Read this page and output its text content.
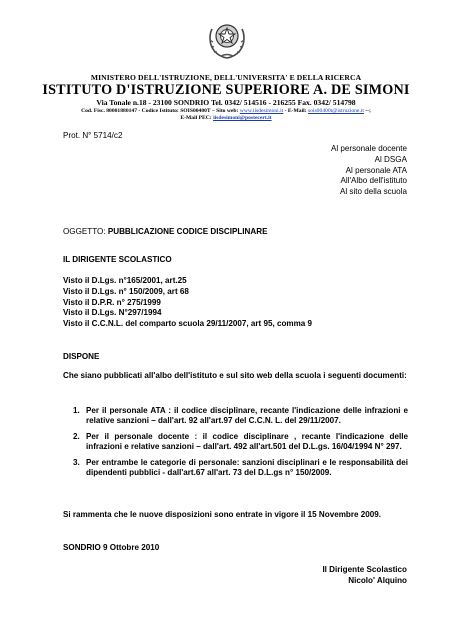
MINISTERO DELL'ISTRUZIONE, DELL'UNIVERSITA' E DELLA RICERCA
ISTITUTO D'ISTRUZIONE SUPERIORE A. DE SIMONI
Via Tonale n.18 - 23100 SONDRIO Tel. 0342/ 514516 - 216255 Fax. 0342/ 514798
Cod. Fisc. 80001880147 - Codice Istituto: SOIS00400T – Sito web: www.iisdesimoni.it - E-Mail: sois00400t@istruzione.it --;
E-Mail PEC: iisdesimoni@postecert.it
Prot. N° 5714/c2
Al personale docente
Al DSGA
Al personale ATA
All'Albo dell'istituto
Al sito della scuola
OGGETTO: PUBBLICAZIONE CODICE DISCIPLINARE
IL DIRIGENTE SCOLASTICO
Visto il D.Lgs. n°165/2001, art.25
Visto il D.Lgs. n° 150/2009, art 68
Visto il D.P.R. n° 275/1999
Visto il D.Lgs. N°297/1994
Visto il C.C.N.L. del comparto scuola 29/11/2007, art 95, comma 9
DISPONE
Che siano pubblicati all'albo dell'istituto e sul sito web della scuola i seguenti documenti:
1. Per il personale ATA : il codice disciplinare, recante l'indicazione delle infrazioni e relative sanzioni – dall'art. 92 all'art.97 del C.C.N. L. del 29/11/2007.
2. Per il personale docente : il codice disciplinare , recante l'indicazione delle infrazioni e relative sanzioni – dall'art. 492 all'art.501 del D.L.gs. 16/04/1994 N° 297.
3. Per entrambe le categorie di personale: sanzioni disciplinari e le responsabilità dei dipendenti pubblici - dall'art.67 all'art. 73 del D.L.gs n° 150/2009.
Si rammenta che le nuove disposizioni sono entrate in vigore il 15 Novembre 2009.
SONDRIO 9 Ottobre 2010
Il Dirigente Scolastico
Nicolo' Alquino
